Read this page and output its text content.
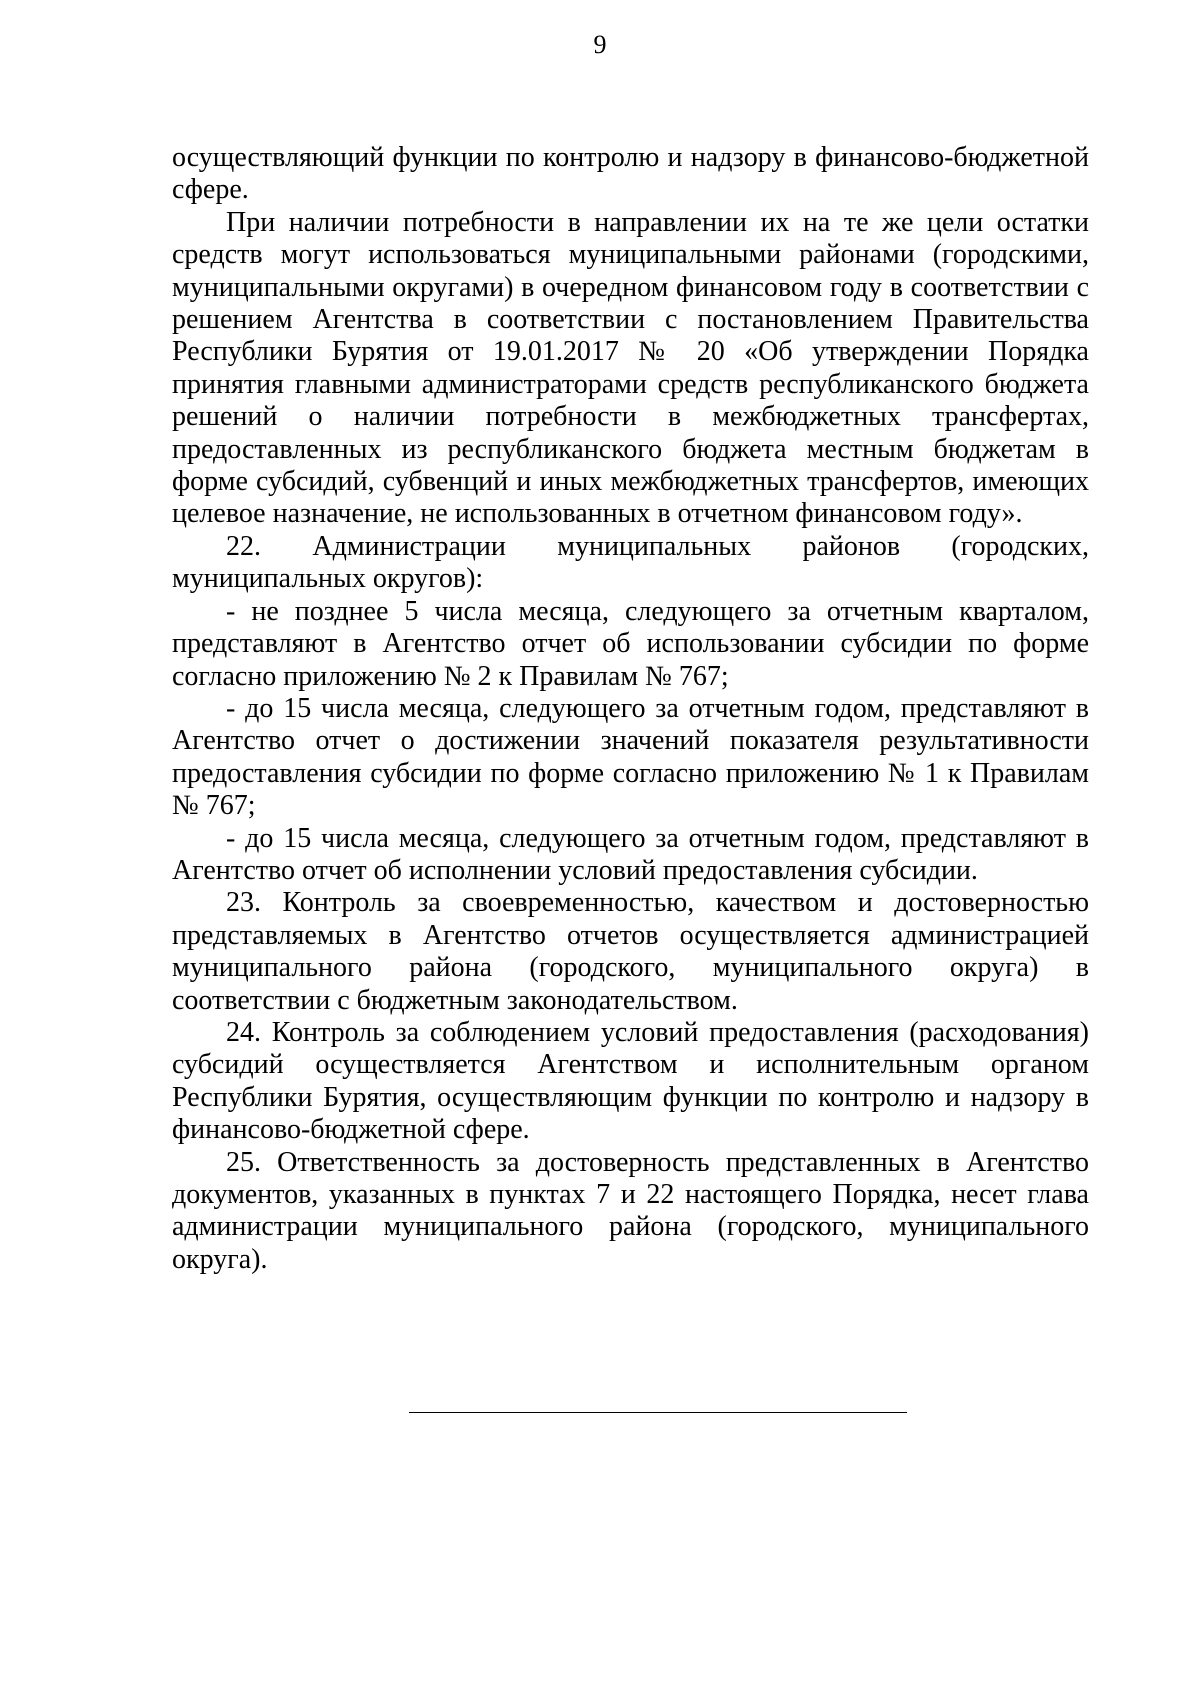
9

осуществляющий функции по контролю и надзору в финансово-бюджетной сфере.

При наличии потребности в направлении их на те же цели остатки средств могут использоваться муниципальными районами (городскими, муниципальными округами) в очередном финансовом году в соответствии с решением Агентства в соответствии с постановлением Правительства Республики Бурятия от 19.01.2017 № 20 «Об утверждении Порядка принятия главными администраторами средств республиканского бюджета решений о наличии потребности в межбюджетных трансфертах, предоставленных из республиканского бюджета местным бюджетам в форме субсидий, субвенций и иных межбюджетных трансфертов, имеющих целевое назначение, не использованных в отчетном финансовом году».

22. Администрации муниципальных районов (городских, муниципальных округов):

- не позднее 5 числа месяца, следующего за отчетным кварталом, представляют в Агентство отчет об использовании субсидии по форме согласно приложению № 2 к Правилам № 767;

- до 15 числа месяца, следующего за отчетным годом, представляют в Агентство отчет о достижении значений показателя результативности предоставления субсидии по форме согласно приложению № 1 к Правилам № 767;

- до 15 числа месяца, следующего за отчетным годом, представляют в Агентство отчет об исполнении условий предоставления субсидии.

23. Контроль за своевременностью, качеством и достоверностью представляемых в Агентство отчетов осуществляется администрацией муниципального района (городского, муниципального округа) в соответствии с бюджетным законодательством.

24. Контроль за соблюдением условий предоставления (расходования) субсидий осуществляется Агентством и исполнительным органом Республики Бурятия, осуществляющим функции по контролю и надзору в финансово-бюджетной сфере.

25. Ответственность за достоверность представленных в Агентство документов, указанных в пунктах 7 и 22 настоящего Порядка, несет глава администрации муниципального района (городского, муниципального округа).
